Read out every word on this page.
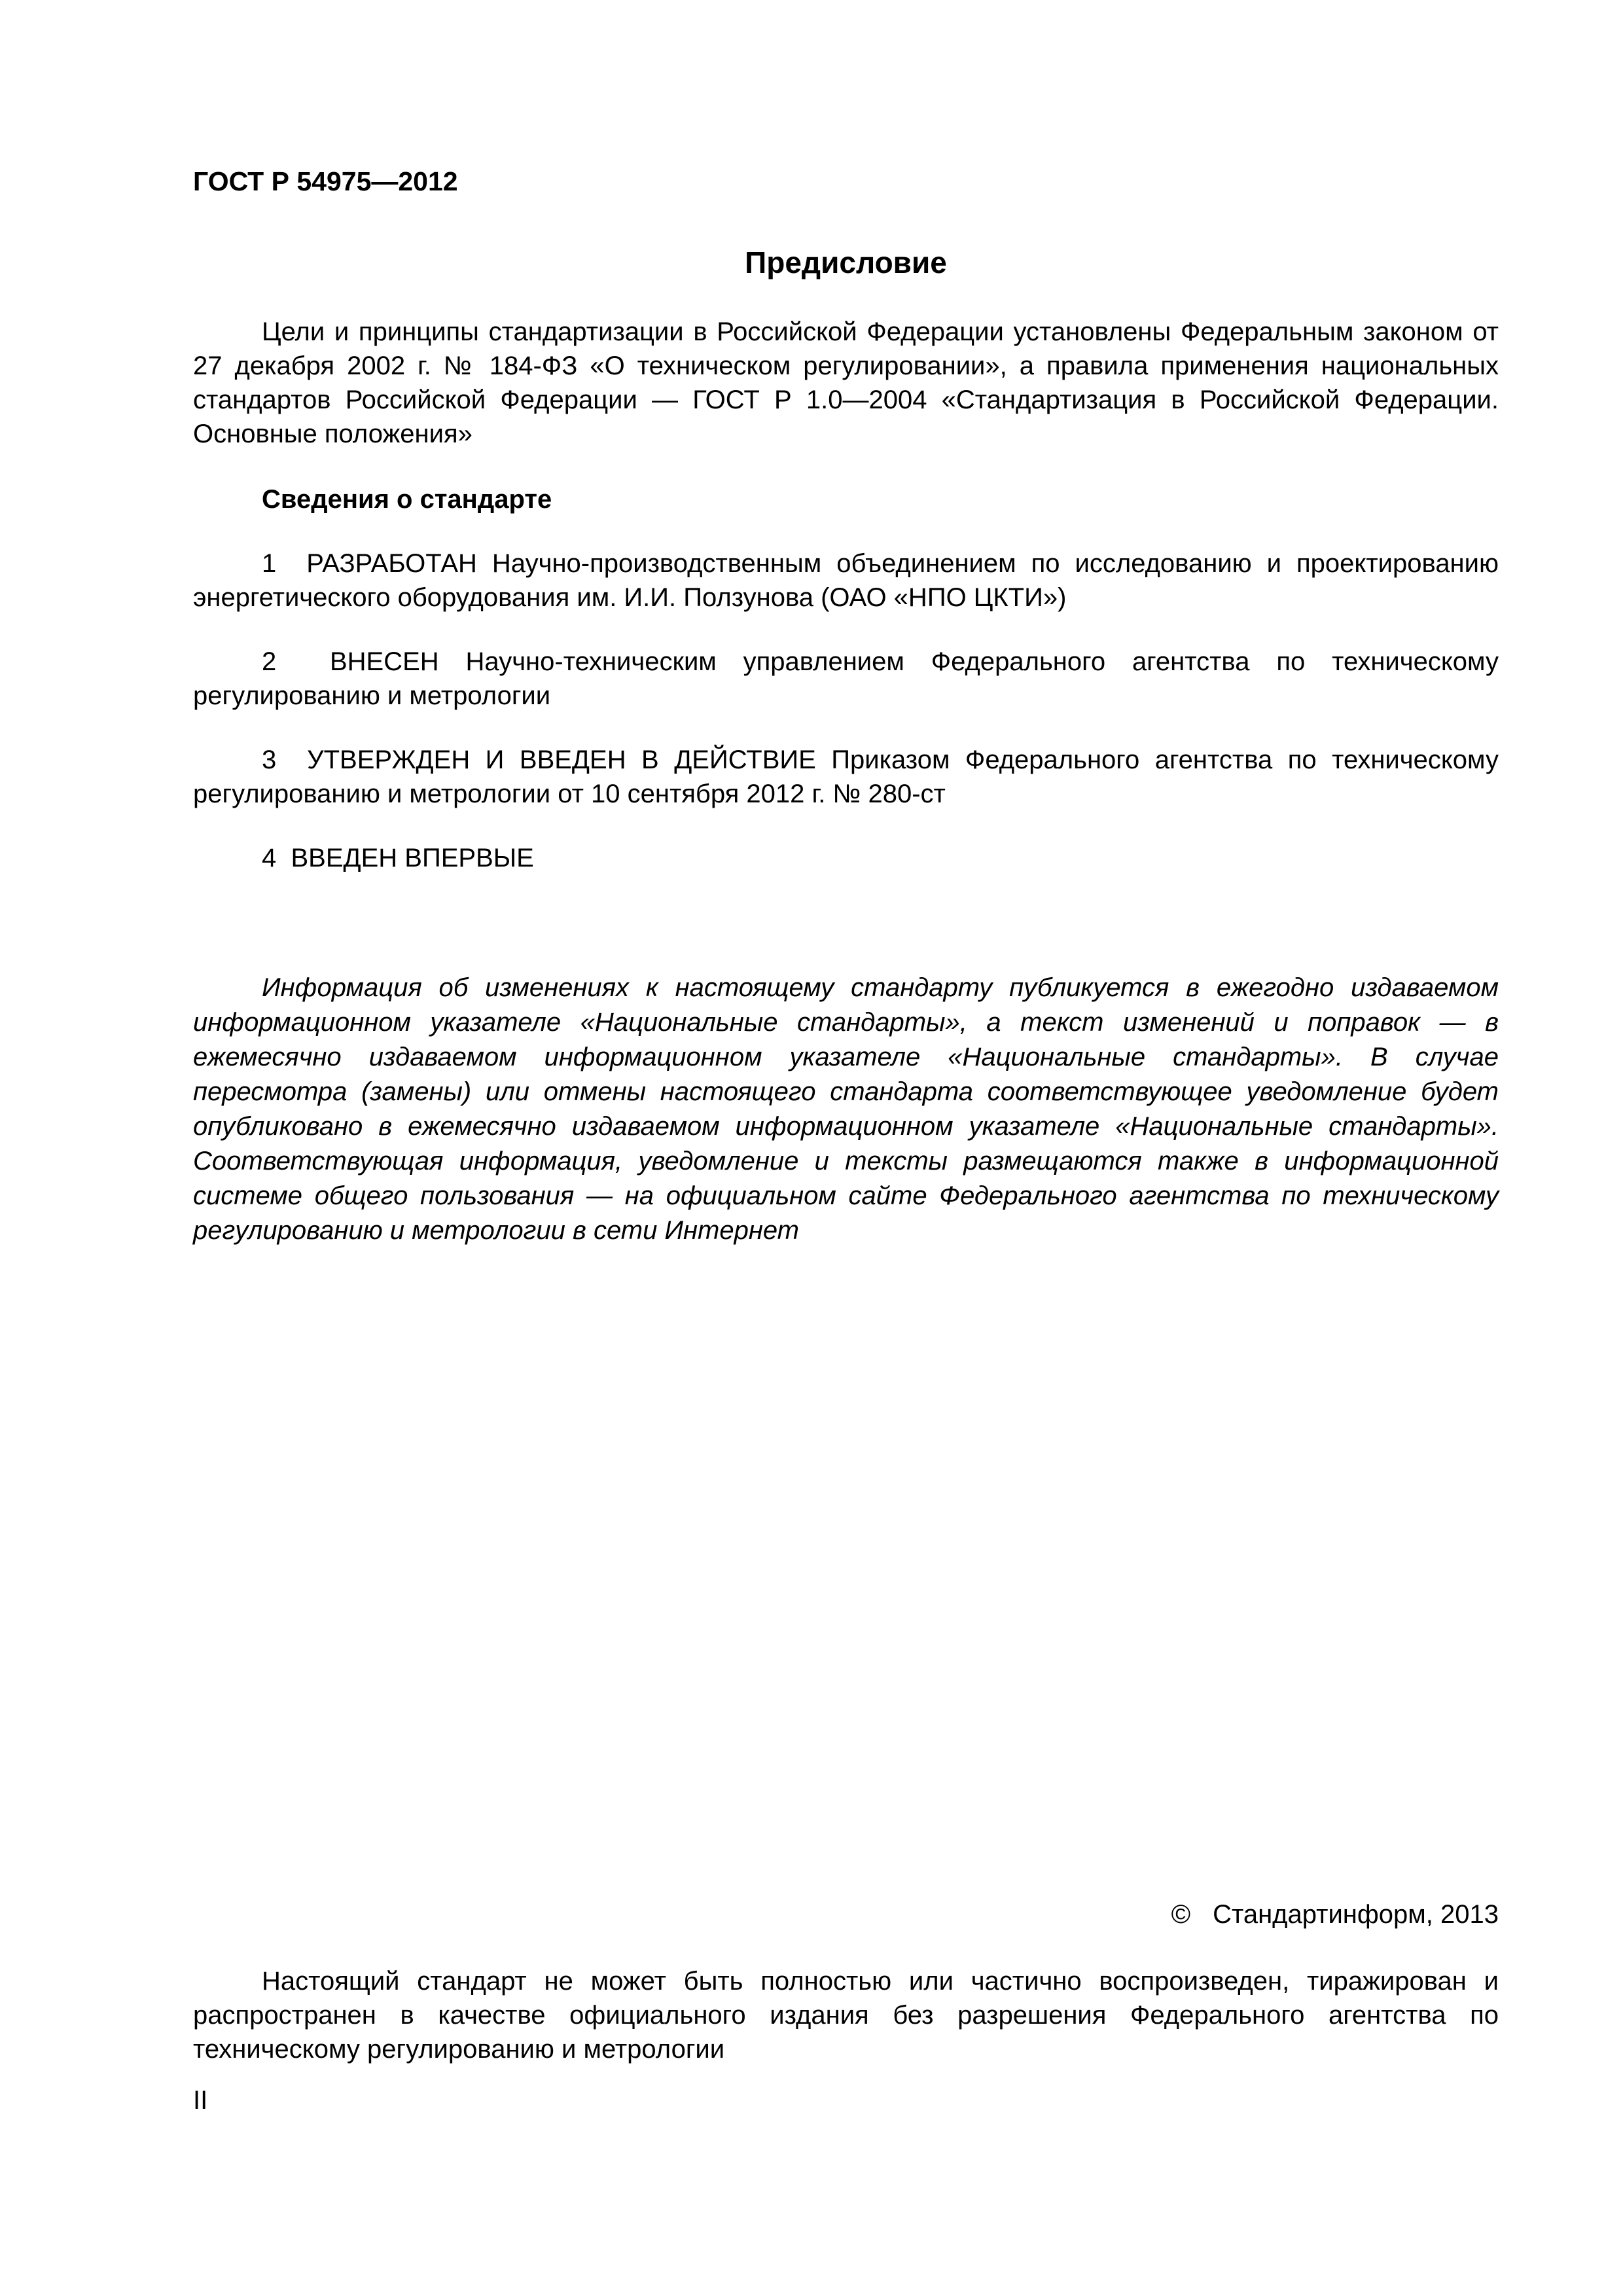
ГОСТ Р 54975—2012
Предисловие
Цели и принципы стандартизации в Российской Федерации установлены Федеральным законом от 27 декабря 2002 г. № 184-ФЗ «О техническом регулировании», а правила применения национальных стандартов Российской Федерации — ГОСТ Р 1.0—2004 «Стандартизация в Российской Федерации. Основные положения»
Сведения о стандарте
1  РАЗРАБОТАН Научно-производственным объединением по исследованию и проектированию энергетического оборудования им. И.И. Ползунова (ОАО «НПО ЦКТИ»)
2  ВНЕСЕН Научно-техническим управлением Федерального агентства по техническому регулированию и метрологии
3  УТВЕРЖДЕН И ВВЕДЕН В ДЕЙСТВИЕ Приказом Федерального агентства по техническому регулированию и метрологии от 10 сентября 2012 г. № 280-ст
4  ВВЕДЕН ВПЕРВЫЕ
Информация об изменениях к настоящему стандарту публикуется в ежегодно издаваемом информационном указателе «Национальные стандарты», а текст изменений и поправок — в ежемесячно издаваемом информационном указателе «Национальные стандарты». В случае пересмотра (замены) или отмены настоящего стандарта соответствующее уведомление будет опубликовано в ежемесячно издаваемом информационном указателе «Национальные стандарты». Соответствующая информация, уведомление и тексты размещаются также в информационной системе общего пользования — на официальном сайте Федерального агентства по техническому регулированию и метрологии в сети Интернет
© Стандартинформ, 2013
Настоящий стандарт не может быть полностью или частично воспроизведен, тиражирован и распространен в качестве официального издания без разрешения Федерального агентства по техническому регулированию и метрологии
II
